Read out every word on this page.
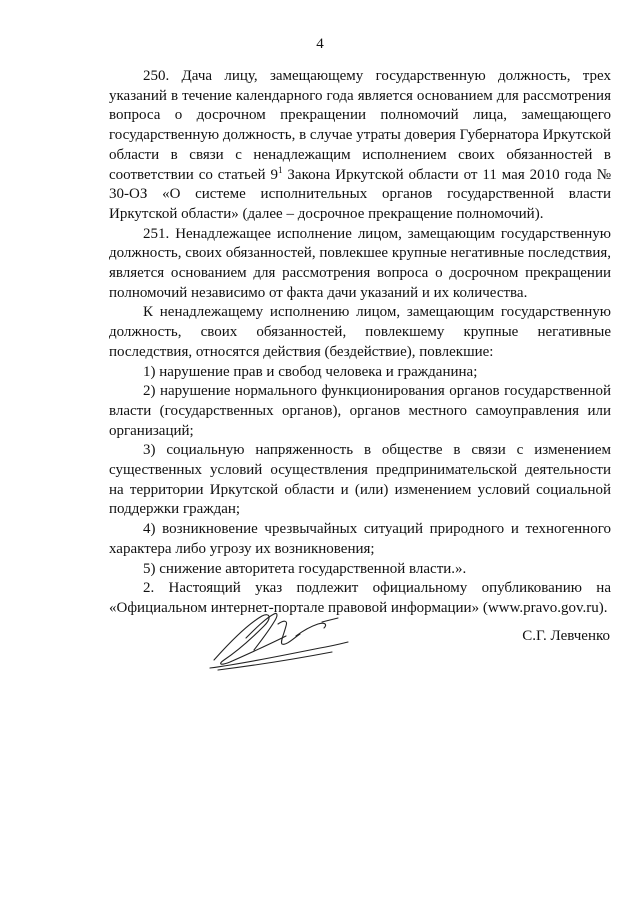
4

250. Дача лицу, замещающему государственную должность, трех указаний в течение календарного года является основанием для рассмотрения вопроса о досрочном прекращении полномочий лица, замещающего государственную должность, в случае утраты доверия Губернатора Иркутской области в связи с ненадлежащим исполнением своих обязанностей в соответствии со статьей $9^1$ Закона Иркутской области от 11 мая 2010 года № 30-ОЗ «О системе исполнительных органов государственной власти Иркутской области» (далее – досрочное прекращение полномочий).

251. Ненадлежащее исполнение лицом, замещающим государственную должность, своих обязанностей, повлекшее крупные негативные последствия, является основанием для рассмотрения вопроса о досрочном прекращении полномочий независимо от факта дачи указаний и их количества.

К ненадлежащему исполнению лицом, замещающим государственную должность, своих обязанностей, повлекшему крупные негативные последствия, относятся действия (бездействие), повлекшие:

1) нарушение прав и свобод человека и гражданина;

2) нарушение нормального функционирования органов государственной власти (государственных органов), органов местного самоуправления или организаций;

3) социальную напряженность в обществе в связи с изменением существенных условий осуществления предпринимательской деятельности на территории Иркутской области и (или) изменением условий социальной поддержки граждан;

4) возникновение чрезвычайных ситуаций природного и техногенного характера либо угрозу их возникновения;

5) снижение авторитета государственной власти.».

2. Настоящий указ подлежит официальному опубликованию на «Официальном интернет-портале правовой информации» (www.pravo.gov.ru).

С.Г. Левченко
